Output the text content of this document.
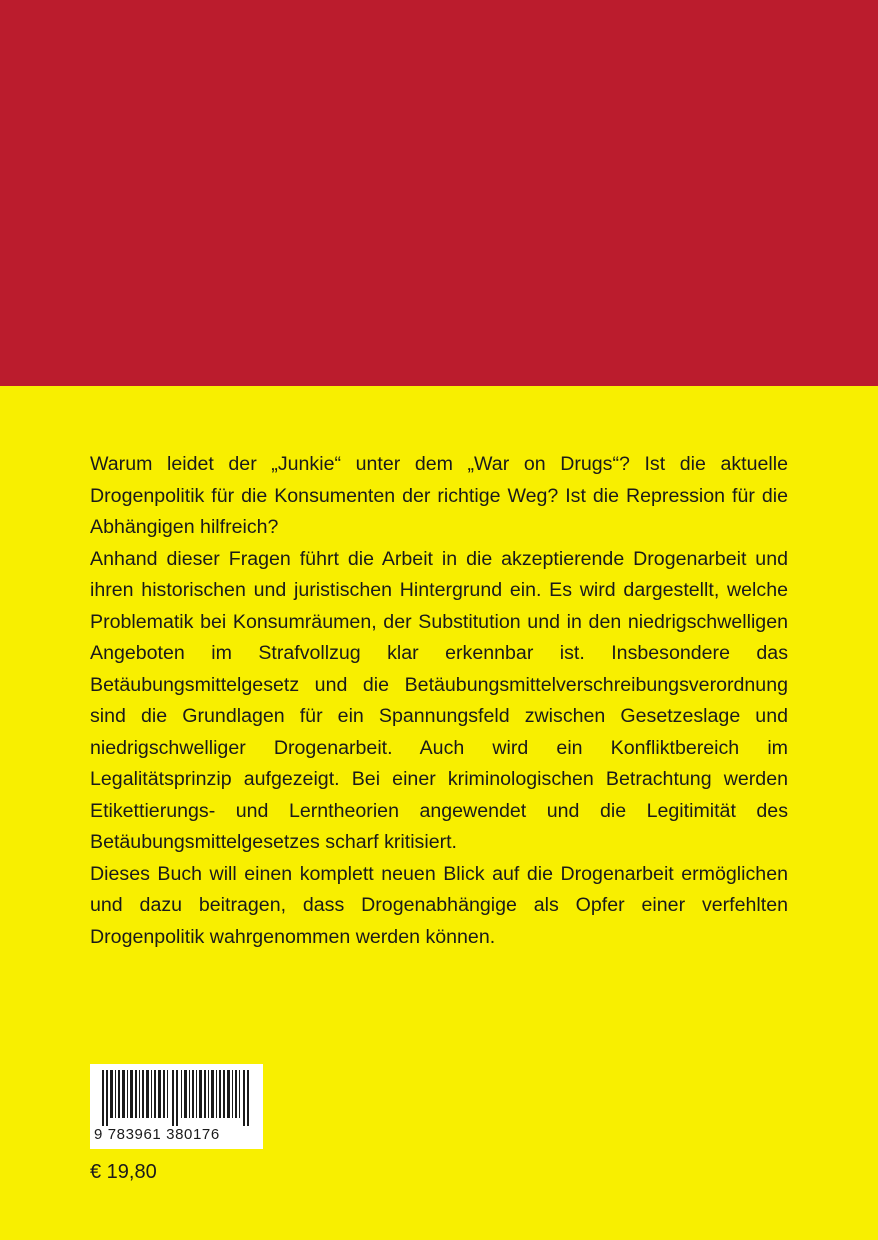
Warum leidet der „Junkie“ unter dem „War on Drugs“? Ist die aktuelle Drogenpolitik für die Konsumenten der richtige Weg? Ist die Repression für die Abhängigen hilfreich?

Anhand dieser Fragen führt die Arbeit in die akzeptierende Drogenarbeit und ihren historischen und juristischen Hintergrund ein. Es wird dargestellt, welche Problematik bei Konsumräumen, der Substitution und in den niedrigschwelligen Angeboten im Strafvollzug klar erkennbar ist. Insbesondere das Betäubungsmittelgesetz und die Betäubungsmittelverschreibungsverordnung sind die Grundlagen für ein Spannungsfeld zwischen Gesetzeslage und niedrigschwelliger Drogenarbeit. Auch wird ein Konfliktbereich im Legalitätsprinzip aufgezeigt. Bei einer kriminologischen Betrachtung werden Etikettierungs- und Lerntheorien angewendet und die Legitimität des Betäubungsmittelgesetzes scharf kritisiert.

Dieses Buch will einen komplett neuen Blick auf die Drogenarbeit ermöglichen und dazu beitragen, dass Drogenabhängige als Opfer einer verfehlten Drogenpolitik wahrgenommen werden können.

9 783961 380176
€ 19,80
